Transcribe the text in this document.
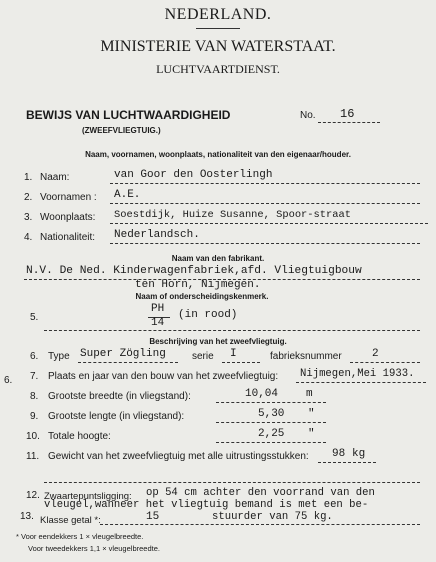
NEDERLAND.
MINISTERIE VAN WATERSTAAT.
LUCHTVAARTDIENST.
BEWIJS VAN LUCHTWAARDIGHEID	No. 16
(ZWEEFVLIEGTUIG.)
Naam, voornamen, woonplaats, nationaliteit van den eigenaar/houder.
1. Naam:	van Goor den Oosterlingh
2. Voornamen : A.E.
3. Woonplaats: Soestdijk, Huize Susanne, Spoor-straat
4. Nationaliteit: Nederlandsch.
Naam van den fabrikant.
N.V. De Ned. Kinderwagenfabriek,afd. Vliegtuigbouw
ten Horn, Nijmegen.
Naam of onderscheidingskenmerk.
5.
PH
14
(in rood)
Beschrijving van het zweefvliegtuig.
6. Type Super Zögling	serie I	fabrieksnummer	2
6. 7. Plaats en jaar van den bouw van het zweefvliegtuig: Nijmegen,Mei 1933.
8. Grootste breedte (in vliegstand):	10,04	m
9. Grootste lengte (in vliegstand):	5,30 "
10. Totale hoogte:	2,25 "
11. Gewicht van het zweefvliegtuig met alle uitrustingsstukken: 98 kg
12. Zwaartepuntsligging: op 54 cm achter den voorrand van den
vleugel,wanneer het vliegtuig bemand is met een be-
stuurder van 75 kg.
13. Klasse getal *:	15
* Voor eendekkers 1 × vleugelbreedte.
Voor tweedekkers 1,1 × vleugelbreedte.
